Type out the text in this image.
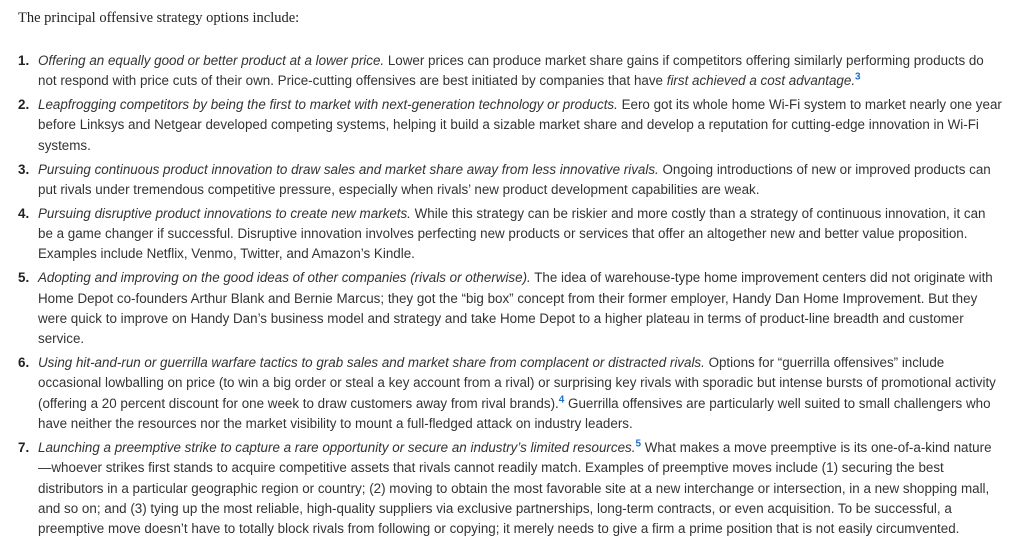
The principal offensive strategy options include:

1. Offering an equally good or better product at a lower price. Lower prices can produce market share gains if competitors offering similarly performing products do not respond with price cuts of their own. Price-cutting offensives are best initiated by companies that have first achieved a cost advantage.$^3$
2. Leapfrogging competitors by being the first to market with next-generation technology or products. Eero got its whole home Wi-Fi system to market nearly one year before Linksys and Netgear developed competing systems, helping it build a sizable market share and develop a reputation for cutting-edge innovation in Wi-Fi systems.
3. Pursuing continuous product innovation to draw sales and market share away from less innovative rivals. Ongoing introductions of new or improved products can put rivals under tremendous competitive pressure, especially when rivals’ new product development capabilities are weak.
4. Pursuing disruptive product innovations to create new markets. While this strategy can be riskier and more costly than a strategy of continuous innovation, it can be a game changer if successful. Disruptive innovation involves perfecting new products or services that offer an altogether new and better value proposition. Examples include Netflix, Venmo, Twitter, and Amazon’s Kindle.
5. Adopting and improving on the good ideas of other companies (rivals or otherwise). The idea of warehouse-type home improvement centers did not originate with Home Depot co-founders Arthur Blank and Bernie Marcus; they got the “big box” concept from their former employer, Handy Dan Home Improvement. But they were quick to improve on Handy Dan’s business model and strategy and take Home Depot to a higher plateau in terms of product-line breadth and customer service.
6. Using hit-and-run or guerrilla warfare tactics to grab sales and market share from complacent or distracted rivals. Options for “guerrilla offensives” include occasional lowballing on price (to win a big order or steal a key account from a rival) or surprising key rivals with sporadic but intense bursts of promotional activity (offering a 20 percent discount for one week to draw customers away from rival brands).$^4$ Guerrilla offensives are particularly well suited to small challengers who have neither the resources nor the market visibility to mount a full-fledged attack on industry leaders.
7. Launching a preemptive strike to capture a rare opportunity or secure an industry’s limited resources.$^5$ What makes a move preemptive is its one-of-a-kind nature—whoever strikes first stands to acquire competitive assets that rivals cannot readily match. Examples of preemptive moves include (1) securing the best distributors in a particular geographic region or country; (2) moving to obtain the most favorable site at a new interchange or intersection, in a new shopping mall, and so on; and (3) tying up the most reliable, high-quality suppliers via exclusive partnerships, long-term contracts, or even acquisition. To be successful, a preemptive move doesn’t have to totally block rivals from following or copying; it merely needs to give a firm a prime position that is not easily circumvented.
